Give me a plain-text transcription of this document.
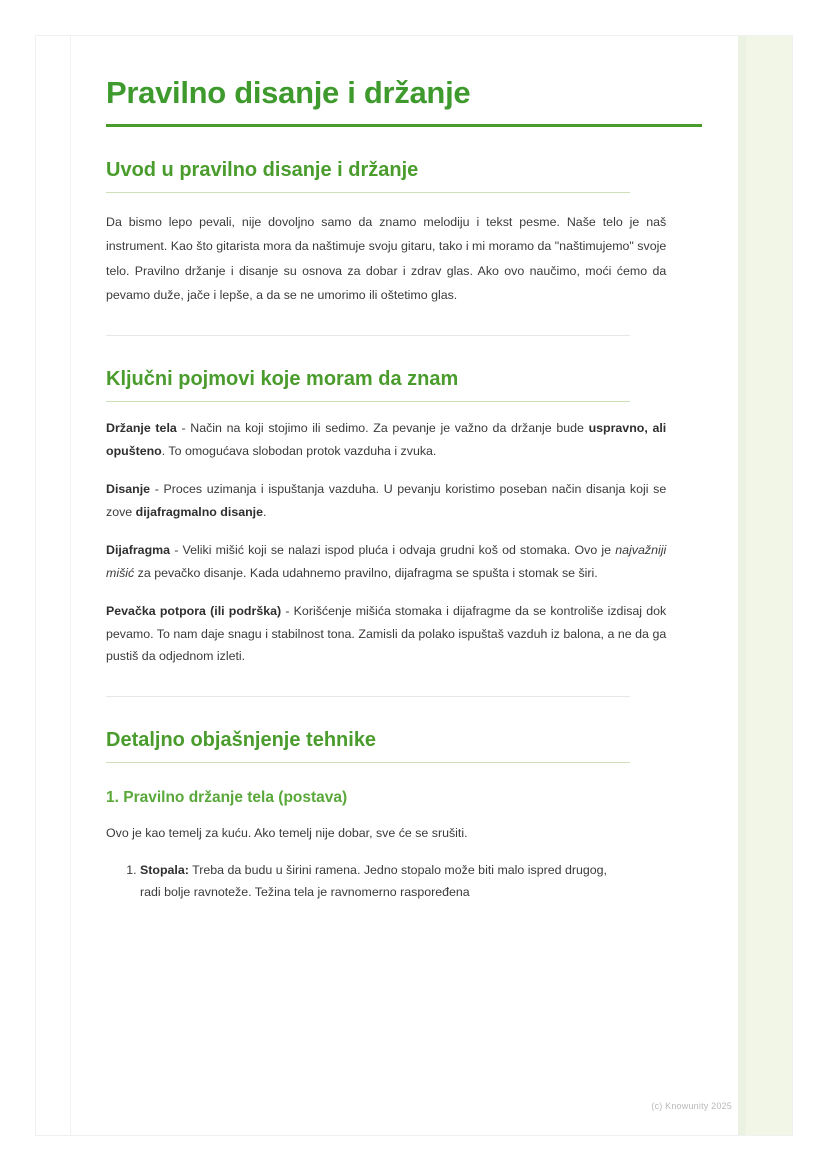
Pravilno disanje i držanje
Uvod u pravilno disanje i držanje

Da bismo lepo pevali, nije dovoljno samo da znamo melodiju i tekst pesme. Naše telo je naš instrument. Kao što gitarista mora da naštimuje svoju gitaru, tako i mi moramo da "naštimujemo" svoje telo. Pravilno držanje i disanje su osnova za dobar i zdrav glas. Ako ovo naučimo, moći ćemo da pevamo duže, jače i lepše, a da se ne umorimo ili oštetimo glas.

Ključni pojmovi koje moram da znam

Držanje tela - Način na koji stojimo ili sedimo. Za pevanje je važno da držanje bude uspravno, ali opušteno. To omogućava slobodan protok vazduha i zvuka.

Disanje - Proces uzimanja i ispuštanja vazduha. U pevanju koristimo poseban način disanja koji se zove dijafragmalno disanje.

Dijafragma - Veliki mišić koji se nalazi ispod pluća i odvaja grudni koš od stomaka. Ovo je najvažniji mišić za pevačko disanje. Kada udahnemo pravilno, dijafragma se spušta i stomak se širi.

Pevačka potpora (ili podrška) - Korišćenje mišića stomaka i dijafragme da se kontroliše izdisaj dok pevamo. To nam daje snagu i stabilnost tona. Zamisli da polako ispuštaš vazduh iz balona, a ne da ga pustiš da odjednom izleti.

Detaljno objašnjenje tehnike
1. Pravilno držanje tela (postava)

Ovo je kao temelj za kuću. Ako temelj nije dobar, sve će se srušiti.

1. Stopala: Treba da budu u širini ramena. Jedno stopalo može biti malo ispred drugog, radi bolje ravnoteže. Težina tela je ravnomerno raspoređena
(c) Knowunity 2025
